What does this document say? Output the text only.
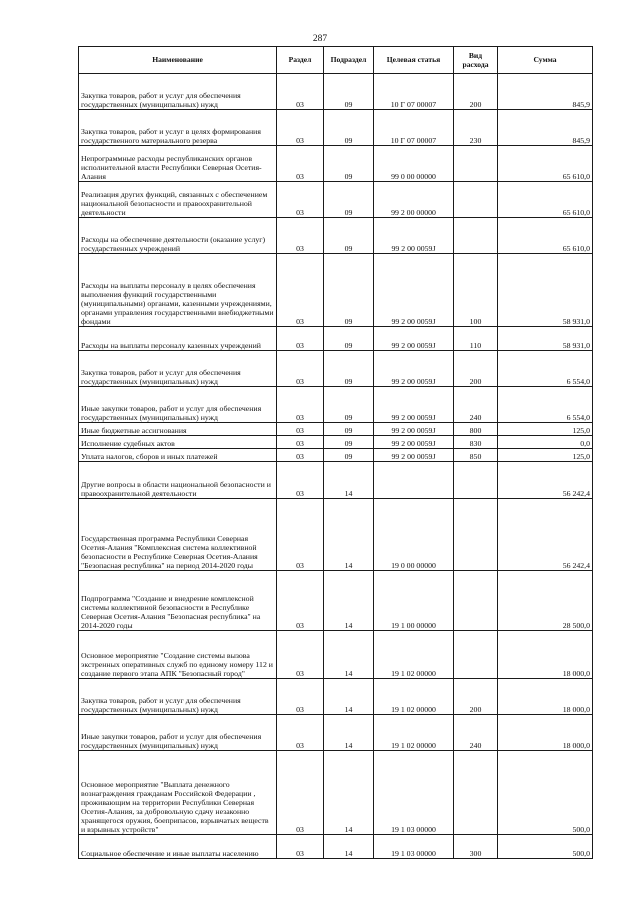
287
Наименование	Раздел	Подраздел	Целевая статья	Вид расхода	Сумма
Закупка товаров, работ и услуг для обеспечения государственных (муниципальных) нужд	03	09	10 Г 07 00007	200	845,9
Закупка товаров, работ и услуг в целях формирования государственного материального резерва	03	09	10 Г 07 00007	230	845,9
Непрограммные расходы республиканских органов исполнительной власти Республики Северная Осетия-Алания	03	09	99 0 00 00000		65 610,0
Реализация других функций, связанных с обеспечением национальной безопасности и правоохранительной деятельности	03	09	99 2 00 00000		65 610,0
Расходы на обеспечение деятельности (оказание услуг) государственных учреждений	03	09	99 2 00 0059J		65 610,0
Расходы на выплаты персоналу в целях обеспечения выполнения функций государственными (муниципальными) органами, казенными учреждениями, органами управления государственными внебюджетными фондами	03	09	99 2 00 0059J	100	58 931,0
Расходы на выплаты персоналу казенных учреждений	03	09	99 2 00 0059J	110	58 931,0
Закупка товаров, работ и услуг для обеспечения государственных (муниципальных) нужд	03	09	99 2 00 0059J	200	6 554,0
Иные закупки товаров, работ и услуг для обеспечения государственных (муниципальных) нужд	03	09	99 2 00 0059J	240	6 554,0
Иные бюджетные ассигнования	03	09	99 2 00 0059J	800	125,0
Исполнение судебных актов	03	09	99 2 00 0059J	830	0,0
Уплата налогов, сборов и иных платежей	03	09	99 2 00 0059J	850	125,0
Другие вопросы в области национальной безопасности и правоохранительной деятельности	03	14			56 242,4
Государственная программа Республики Северная Осетия-Алания "Комплексная система коллективной безопасности в Республике Северная Осетия-Алания "Безопасная республика" на период 2014-2020 годы	03	14	19 0 00 00000		56 242,4
Подпрограмма "Создание и внедрение комплексной системы коллективной безопасности в Республике Северная Осетия-Алания "Безопасная республика" на 2014-2020 годы	03	14	19 1 00 00000		28 500,0
Основное мероприятие "Создание системы вызова экстренных оперативных служб по единому номеру 112 и создание первого этапа АПК "Безопасный город"	03	14	19 1 02 00000		18 000,0
Закупка товаров, работ и услуг для обеспечения государственных (муниципальных) нужд	03	14	19 1 02 00000	200	18 000,0
Иные закупки товаров, работ и услуг для обеспечения государственных (муниципальных) нужд	03	14	19 1 02 00000	240	18 000,0
Основное мероприятие "Выплата денежного вознаграждения гражданам Российской Федерации , проживающим на территории Республики Северная Осетия-Алания, за добровольную сдачу незаконно хранящегося оружия, боеприпасов, взрывчатых веществ и взрывных устройств"	03	14	19 1 03 00000		500,0
Социальное обеспечение и иные выплаты населению	03	14	19 1 03 00000	300	500,0
